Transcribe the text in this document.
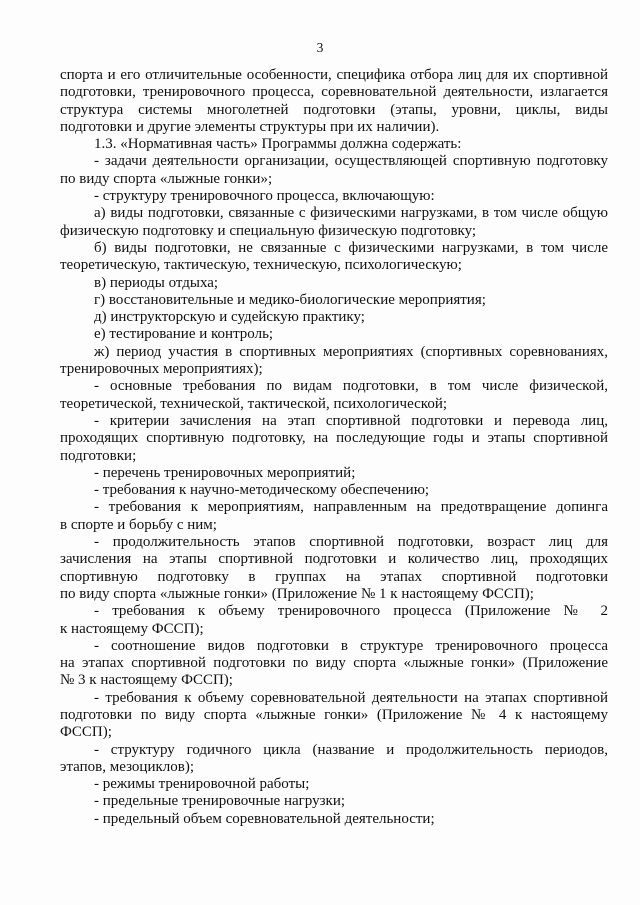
3
спорта и его отличительные особенности, специфика отбора лиц для их спортивной
подготовки, тренировочного процесса, соревновательной деятельности, излагается
структура системы многолетней подготовки (этапы, уровни, циклы, виды
подготовки и другие элементы структуры при их наличии).
1.3. «Нормативная часть» Программы должна содержать:
- задачи деятельности организации, осуществляющей спортивную подготовку
по виду спорта «лыжные гонки»;
- структуру тренировочного процесса, включающую:
а) виды подготовки, связанные с физическими нагрузками, в том числе общую
физическую подготовку и специальную физическую подготовку;
б) виды подготовки, не связанные с физическими нагрузками, в том числе
теоретическую, тактическую, техническую, психологическую;
в) периоды отдыха;
г) восстановительные и медико-биологические мероприятия;
д) инструкторскую и судейскую практику;
е) тестирование и контроль;
ж) период участия в спортивных мероприятиях (спортивных соревнованиях,
тренировочных мероприятиях);
- основные требования по видам подготовки, в том числе физической,
теоретической, технической, тактической, психологической;
- критерии зачисления на этап спортивной подготовки и перевода лиц,
проходящих спортивную подготовку, на последующие годы и этапы спортивной
подготовки;
- перечень тренировочных мероприятий;
- требования к научно-методическому обеспечению;
- требования к мероприятиям, направленным на предотвращение допинга
в спорте и борьбу с ним;
- продолжительность этапов спортивной подготовки, возраст лиц для
зачисления на этапы спортивной подготовки и количество лиц, проходящих
спортивную подготовку в группах на этапах спортивной подготовки
по виду спорта «лыжные гонки» (Приложение № 1 к настоящему ФССП);
- требования к объему тренировочного процесса (Приложение № 2
к настоящему ФССП);
- соотношение видов подготовки в структуре тренировочного процесса
на этапах спортивной подготовки по виду спорта «лыжные гонки» (Приложение
№ 3 к настоящему ФССП);
- требования к объему соревновательной деятельности на этапах спортивной
подготовки по виду спорта «лыжные гонки» (Приложение № 4 к настоящему
ФССП);
- структуру годичного цикла (название и продолжительность периодов,
этапов, мезоциклов);
- режимы тренировочной работы;
- предельные тренировочные нагрузки;
- предельный объем соревновательной деятельности;
